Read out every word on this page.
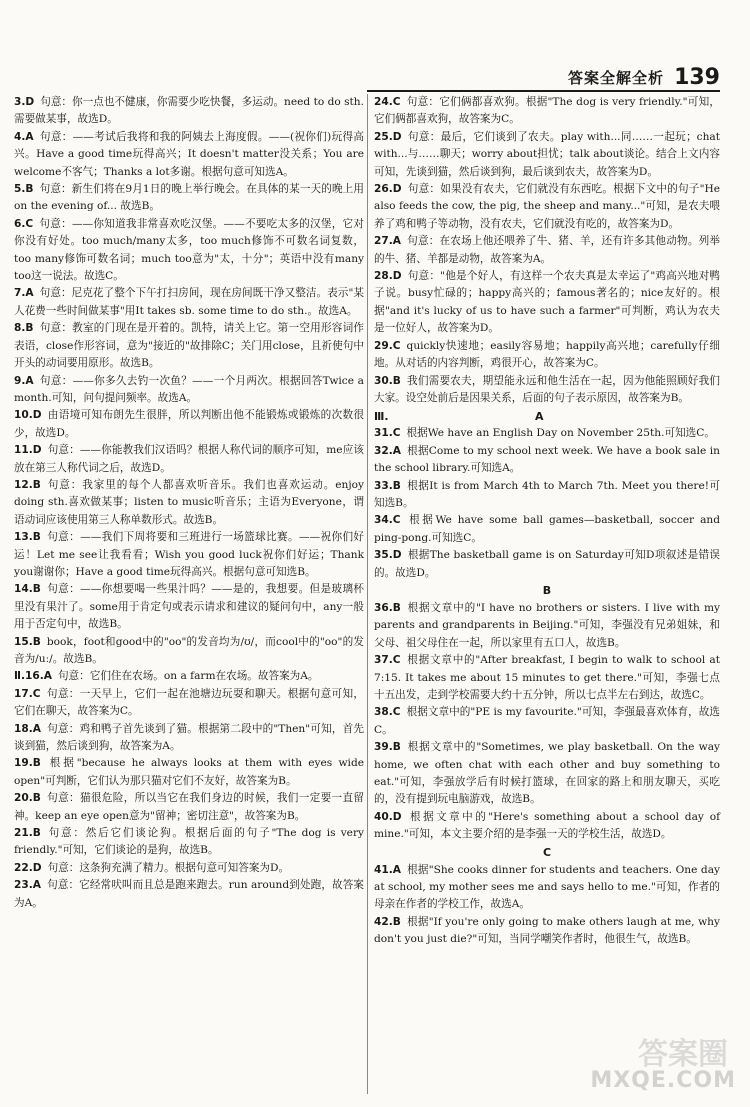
答案全解全析 139

3.D 句意：你一点也不健康，你需要少吃快餐，多运动。need to do sth.需要做某事，故选D。

4.A 句意：——考试后我将和我的阿姨去上海度假。——(祝你们)玩得高兴。Have a good time玩得高兴；It doesn't matter没关系；You are welcome不客气；Thanks a lot多谢。根据句意可知选A。

5.B 句意：新生们将在9月1日的晚上举行晚会。在具体的某一天的晚上用on the evening of... 故选B。

6.C 句意：——你知道我非常喜欢吃汉堡。——不要吃太多的汉堡，它对你没有好处。too much/many太多，too much修饰不可数名词复数，too many修饰可数名词；much too意为"太，十分"；英语中没有many too这一说法。故选C。

7.A 句意：尼克花了整个下午打扫房间，现在房间既干净又整洁。表示"某人花费一些时间做某事"用It takes sb. some time to do sth.。故选A。

8.B 句意：教室的门现在是开着的。凯特，请关上它。第一空用形容词作表语，close作形容词，意为"接近的"故排除C；关门用close，且祈使句中开头的动词要用原形。故选B。

9.A 句意：——你多久去钓一次鱼？——一个月两次。根据回答Twice a month.可知，问句提问频率。故选A。

10.D 由语境可知布朗先生很胖，所以判断出他不能锻炼或锻炼的次数很少，故选D。

11.D 句意：——你能教我们汉语吗？根据人称代词的顺序可知，me应该放在第三人称代词之后，故选D。

12.B 句意：我家里的每个人都喜欢听音乐。我们也喜欢运动。enjoy doing sth.喜欢做某事；listen to music听音乐；主语为Everyone，谓语动词应该使用第三人称单数形式。故选B。

13.B 句意：——我们下周将要和三班进行一场篮球比赛。——祝你们好运！Let me see让我看看；Wish you good luck祝你们好运；Thank you谢谢你；Have a good time玩得高兴。根据句意可知选B。

14.B 句意：——你想要喝一些果汁吗？——是的，我想要。但是玻璃杯里没有果汁了。some用于肯定句或表示请求和建议的疑问句中，any一般用于否定句中，故选B。

15.B book，foot和good中的"oo"的发音均为/ʊ/，而cool中的"oo"的发音为/uː/。故选B。

Ⅱ.16.A 句意：它们住在农场。on a farm在农场。故答案为A。

17.C 句意：一天早上，它们一起在池塘边玩耍和聊天。根据句意可知，它们在聊天，故答案为C。

18.A 句意：鸡和鸭子首先谈到了猫。根据第二段中的"Then"可知，首先谈到猫，然后谈到狗，故答案为A。

19.B 根据"because he always looks at them with eyes wide open"可判断，它们认为那只猫对它们不友好，故答案为B。

20.B 句意：猫很危险，所以当它在我们身边的时候，我们一定要一直留神。keep an eye open意为"留神；密切注意"，故答案为B。

21.B 句意：然后它们谈论狗。根据后面的句子"The dog is very friendly."可知，它们谈论的是狗，故选B。

22.D 句意：这条狗充满了精力。根据句意可知答案为D。

23.A 句意：它经常吠叫而且总是跑来跑去。run around到处跑，故答案为A。

24.C 句意：它们俩都喜欢狗。根据"The dog is very friendly."可知，它们俩都喜欢狗，故答案为C。

25.D 句意：最后，它们谈到了农夫。play with...同……一起玩；chat with...与……聊天；worry about担忧；talk about谈论。结合上文内容可知，先谈到猫，然后谈到狗，最后谈到农夫，故答案为D。

26.D 句意：如果没有农夫，它们就没有东西吃。根据下文中的句子"He also feeds the cow, the pig, the sheep and many..."可知，是农夫喂养了鸡和鸭子等动物，没有农夫，它们就没有吃的，故答案为D。

27.A 句意：在农场上他还喂养了牛、猪、羊，还有许多其他动物。列举的牛、猪、羊都是动物，故答案为A。

28.D 句意："他是个好人，有这样一个农夫真是太幸运了"鸡高兴地对鸭子说。busy忙碌的；happy高兴的；famous著名的；nice友好的。根据"and it's lucky of us to have such a farmer"可判断，鸡认为农夫是一位好人，故答案为D。

29.C quickly快速地；easily容易地；happily高兴地；carefully仔细地。从对话的内容判断，鸡很开心，故答案为C。

30.B 我们需要农夫，期望能永远和他生活在一起，因为他能照顾好我们大家。设空处前后是因果关系，后面的句子表示原因，故答案为B。

Ⅲ.	A

31.C 根据We have an English Day on November 25th.可知选C。

32.A 根据Come to my school next week. We have a book sale in the school library.可知选A。

33.B 根据It is from March 4th to March 7th. Meet you there!可知选B。

34.C 根据We have some ball games—basketball, soccer and ping-pong.可知选C。

35.D 根据The basketball game is on Saturday可知D项叙述是错误的。故选D。

B

36.B 根据文章中的"I have no brothers or sisters. I live with my parents and grandparents in Beijing."可知，李强没有兄弟姐妹，和父母、祖父母住在一起，所以家里有五口人，故选B。

37.C 根据文章中的"After breakfast, I begin to walk to school at 7:15. It takes me about 15 minutes to get there."可知，李强七点十五出发，走到学校需要大约十五分钟，所以七点半左右到达，故选C。

38.C 根据文章中的"PE is my favourite."可知，李强最喜欢体育，故选C。

39.B 根据文章中的"Sometimes, we play basketball. On the way home, we often chat with each other and buy something to eat."可知，李强放学后有时候打篮球，在回家的路上和朋友聊天，买吃的，没有提到玩电脑游戏，故选B。

40.D 根据文章中的"Here's something about a school day of mine."可知，本文主要介绍的是李强一天的学校生活，故选D。

C

41.A 根据"She cooks dinner for students and teachers. One day at school, my mother sees me and says hello to me."可知，作者的母亲在作者的学校工作，故选A。

42.B 根据"If you're only going to make others laugh at me, why don't you just die?"可知，当同学嘲笑作者时，他很生气，故选B。

答案圈
MXQE.COM
